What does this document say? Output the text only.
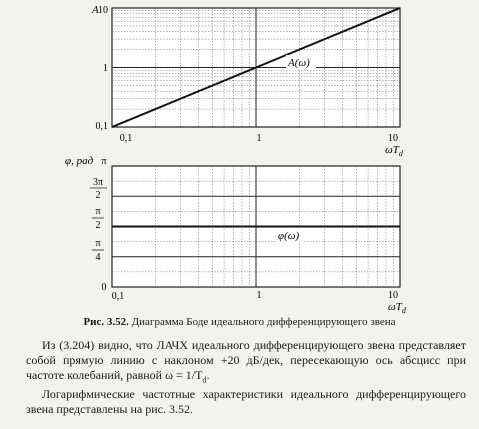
A 10
1
0,1
0,1	1	10
$\omega T_d$
A(ω)
φ, рад π
3π
2
π
2
π
4
0
0,1	1	10
$\omega T_d$
φ(ω)
Рис. 3.52. Диаграмма Боде идеального дифференцирующего звена

Из (3.204) видно, что ЛАЧХ идеального дифференцирующего звена представляет собой прямую линию с наклоном +20 дБ/дек, пересекающую ось абсцисс при частоте колебаний, равной $\omega = 1/T_d$.

Логарифмические частотные характеристики идеального дифференцирующего звена представлены на рис. 3.52.
